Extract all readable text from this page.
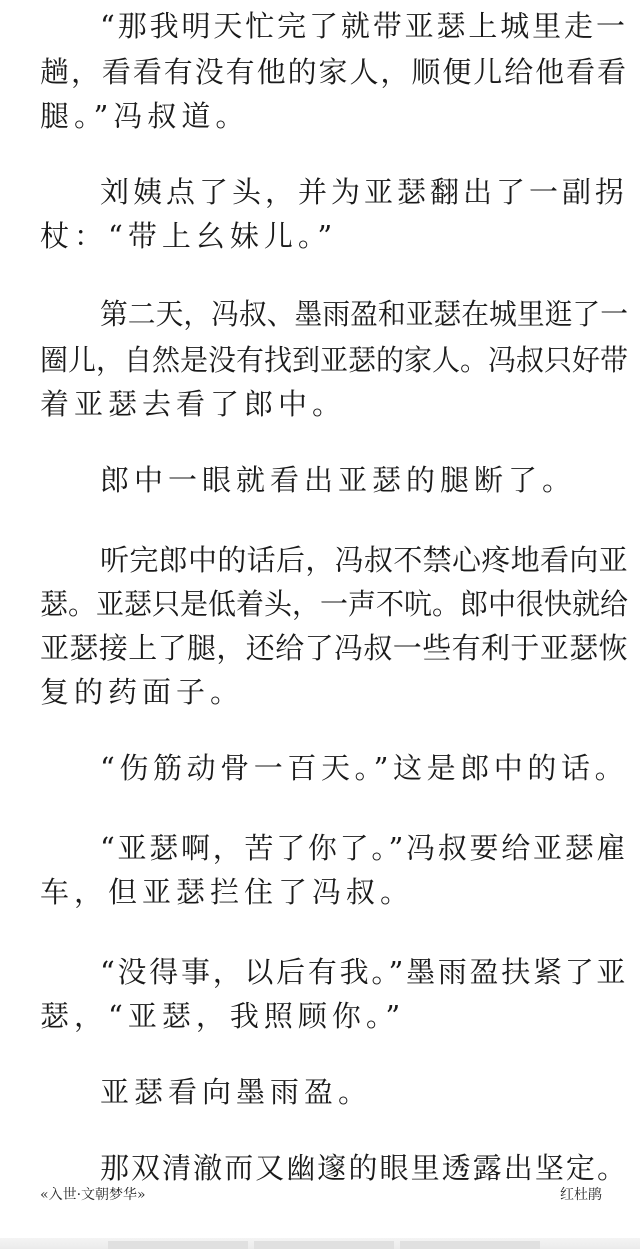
“那我明天忙完了就带亚瑟上城里走一
趟，看看有没有他的家人，顺便儿给他看看
腿。”冯叔道。
刘姨点了头，并为亚瑟翻出了一副拐
杖：“带上幺妹儿。”
第二天，冯叔、墨雨盈和亚瑟在城里逛了一
圈儿，自然是没有找到亚瑟的家人。冯叔只好带
着亚瑟去看了郎中。
郎中一眼就看出亚瑟的腿断了。
听完郎中的话后，冯叔不禁心疼地看向亚
瑟。亚瑟只是低着头，一声不吭。郎中很快就给
亚瑟接上了腿，还给了冯叔一些有利于亚瑟恢
复的药面子。
“伤筋动骨一百天。”这是郎中的话。
“亚瑟啊，苦了你了。”冯叔要给亚瑟雇
车，但亚瑟拦住了冯叔。
“没得事，以后有我。”墨雨盈扶紧了亚
瑟，“亚瑟，我照顾你。”
亚瑟看向墨雨盈。
那双清澈而又幽邃的眼里透露出坚定。
«入世·文朝梦华»	红杜鹃
